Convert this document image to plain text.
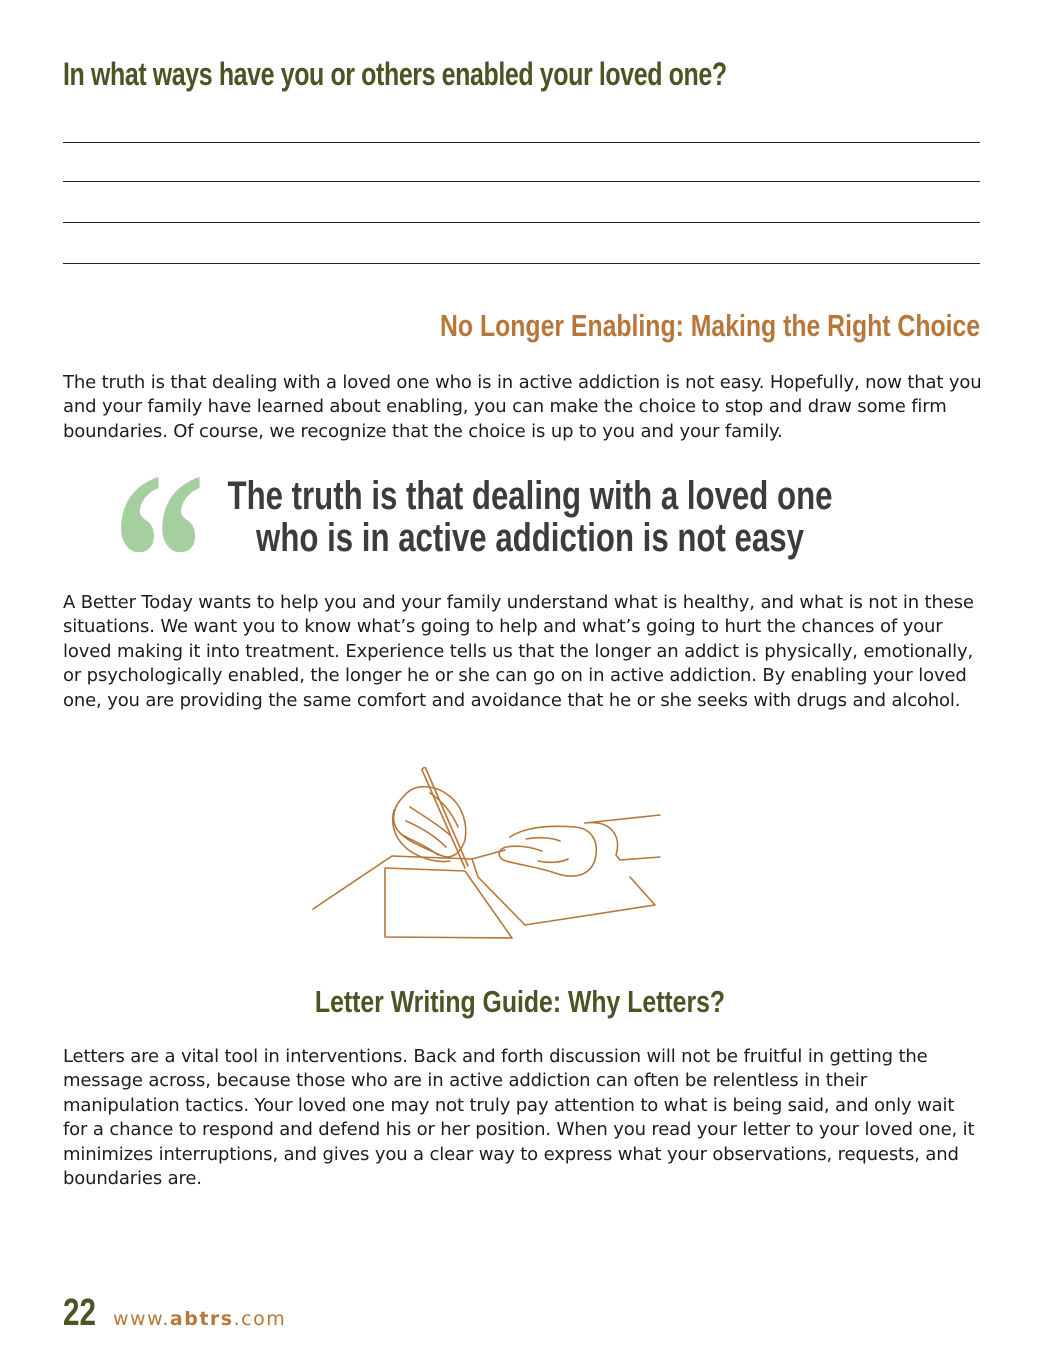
In what ways have you or others enabled your loved one?
No Longer Enabling: Making the Right Choice

The truth is that dealing with a loved one who is in active addiction is not easy. Hopefully, now that you and your family have learned about enabling, you can make the choice to stop and draw some firm boundaries. Of course, we recognize that the choice is up to you and your family.

“ The truth is that dealing with a loved one who is in active addiction is not easy

A Better Today wants to help you and your family understand what is healthy, and what is not in these situations. We want you to know what’s going to help and what’s going to hurt the chances of your loved making it into treatment. Experience tells us that the longer an addict is physically, emotionally, or psychologically enabled, the longer he or she can go on in active addiction. By enabling your loved one, you are providing the same comfort and avoidance that he or she seeks with drugs and alcohol.

Letter Writing Guide: Why Letters?

Letters are a vital tool in interventions. Back and forth discussion will not be fruitful in getting the message across, because those who are in active addiction can often be relentless in their manipulation tactics. Your loved one may not truly pay attention to what is being said, and only wait for a chance to respond and defend his or her position. When you read your letter to your loved one, it minimizes interruptions, and gives you a clear way to express what your observations, requests, and boundaries are.

22 www.abtrs.com
